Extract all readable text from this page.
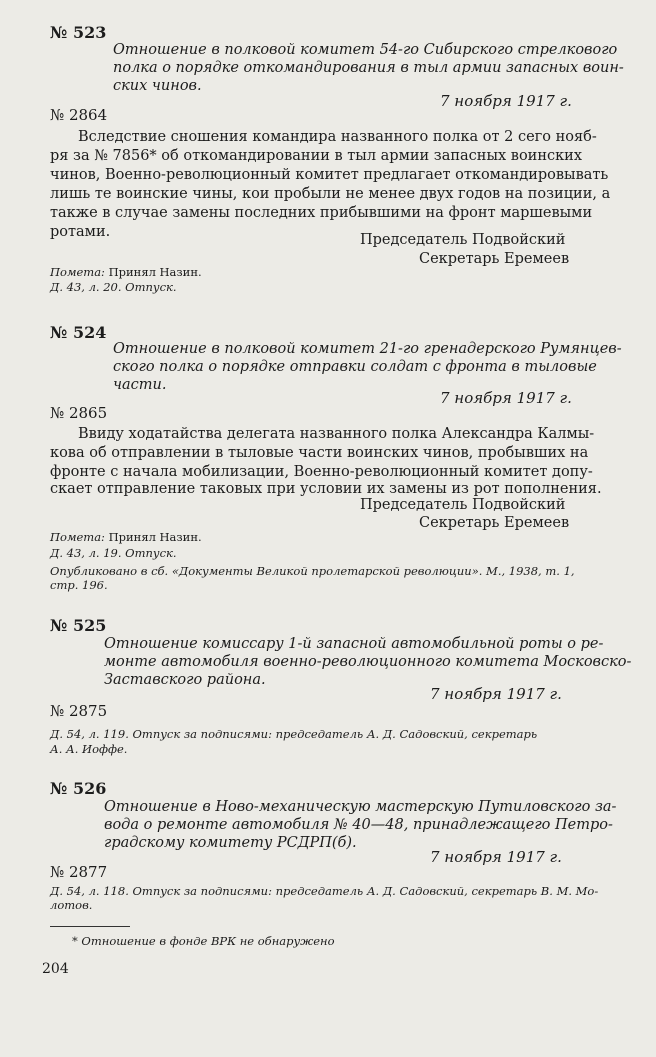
№ 523
Отношение в полковой комитет 54-го Сибирского стрелкового
полка о порядке откомандирования в тыл армии запасных воин-
ских чинов.
7 ноября 1917 г.
№ 2864
Вследствие сношения командира названного полка от 2 сего нояб-
ря за № 7856* об откомандировании в тыл армии запасных воинских
чинов, Военно-революционный комитет предлагает откомандировывать
лишь те воинские чины, кои пробыли не менее двух годов на позиции, а
также в случае замены последних прибывшими на фронт маршевыми
ротами.	Председатель Подвойский
Секретарь Еремеев
Помета: Принял Назин.
Д. 43, л. 20. Отпуск.
№ 524
Отношение в полковой комитет 21-го гренадерского Румянцев-
ского полка о порядке отправки солдат с фронта в тыловые
части.
7 ноября 1917 г.
№ 2865
Ввиду ходатайства делегата названного полка Александра Калмы-
кова об отправлении в тыловые части воинских чинов, пробывших на
фронте с начала мобилизации, Военно-революционный комитет допу-
скает отправление таковых при условии их замены из рот пополнения.
Председатель Подвойский
Секретарь Еремеев
Помета: Принял Назин.
Д. 43, л. 19. Отпуск.
Опубликовано в сб. «Документы Великой пролетарской революции». М., 1938, т. 1,
стр. 196.
№ 525
Отношение комиссару 1-й запасной автомобильной роты о ре-
монте автомобиля военно-революционного комитета Московско-
Заставского района.
7 ноября 1917 г.
№ 2875
Д. 54, л. 119. Отпуск за подписями: председатель А. Д. Садовский, секретарь
А. А. Иоффе.
№ 526
Отношение в Ново-механическую мастерскую Путиловского за-
вода о ремонте автомобиля № 40—48, принадлежащего Петро-
градскому комитету РСДРП(б).
7 ноября 1917 г.
№ 2877
Д. 54, л. 118. Отпуск за подписями: председатель А. Д. Садовский, секретарь В. М. Мо-
лотов.
* Отношение в фонде ВРК не обнаружено
204
